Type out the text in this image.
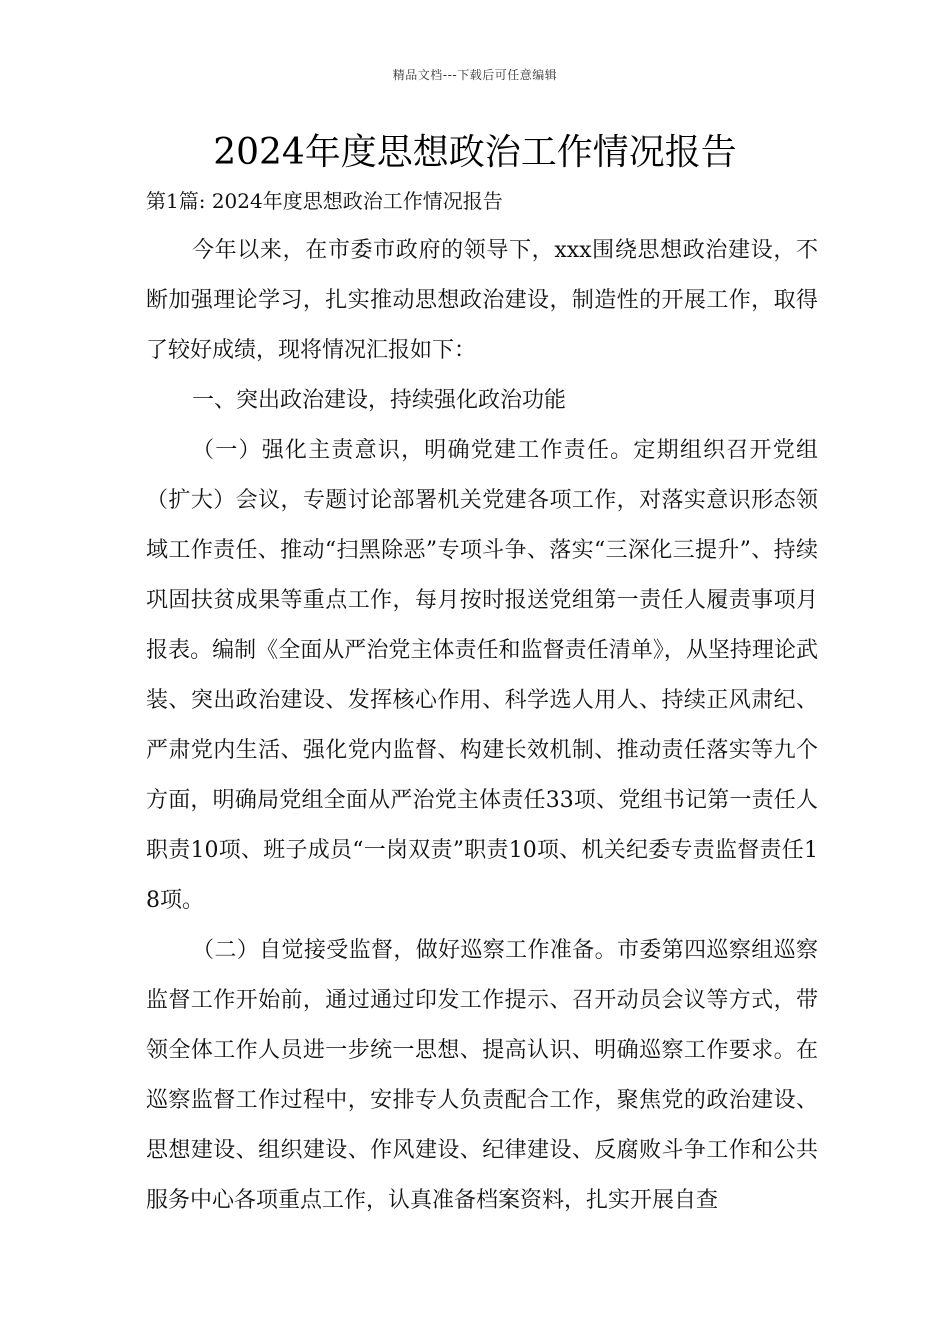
精品文档---下载后可任意编辑
2024年度思想政治工作情况报告
第1篇: 2024年度思想政治工作情况报告

今年以来，在市委市政府的领导下，xxx围绕思想政治建设，不断加强理论学习，扎实推动思想政治建设，制造性的开展工作，取得了较好成绩，现将情况汇报如下：

一、突出政治建设，持续强化政治功能

（一）强化主责意识，明确党建工作责任。定期组织召开党组（扩大）会议，专题讨论部署机关党建各项工作，对落实意识形态领域工作责任、推动“扫黑除恶”专项斗争、落实“三深化三提升”、持续巩固扶贫成果等重点工作，每月按时报送党组第一责任人履责事项月报表。编制《全面从严治党主体责任和监督责任清单》，从坚持理论武装、突出政治建设、发挥核心作用、科学选人用人、持续正风肃纪、严肃党内生活、强化党内监督、构建长效机制、推动责任落实等九个方面，明确局党组全面从严治党主体责任33项、党组书记第一责任人职责10项、班子成员“一岗双责”职责10项、机关纪委专责监督责任18项。

（二）自觉接受监督，做好巡察工作准备。市委第四巡察组巡察监督工作开始前，通过通过印发工作提示、召开动员会议等方式，带领全体工作人员进一步统一思想、提高认识、明确巡察工作要求。在巡察监督工作过程中，安排专人负责配合工作，聚焦党的政治建设、思想建设、组织建设、作风建设、纪律建设、反腐败斗争工作和公共服务中心各项重点工作，认真准备档案资料，扎实开展自查
